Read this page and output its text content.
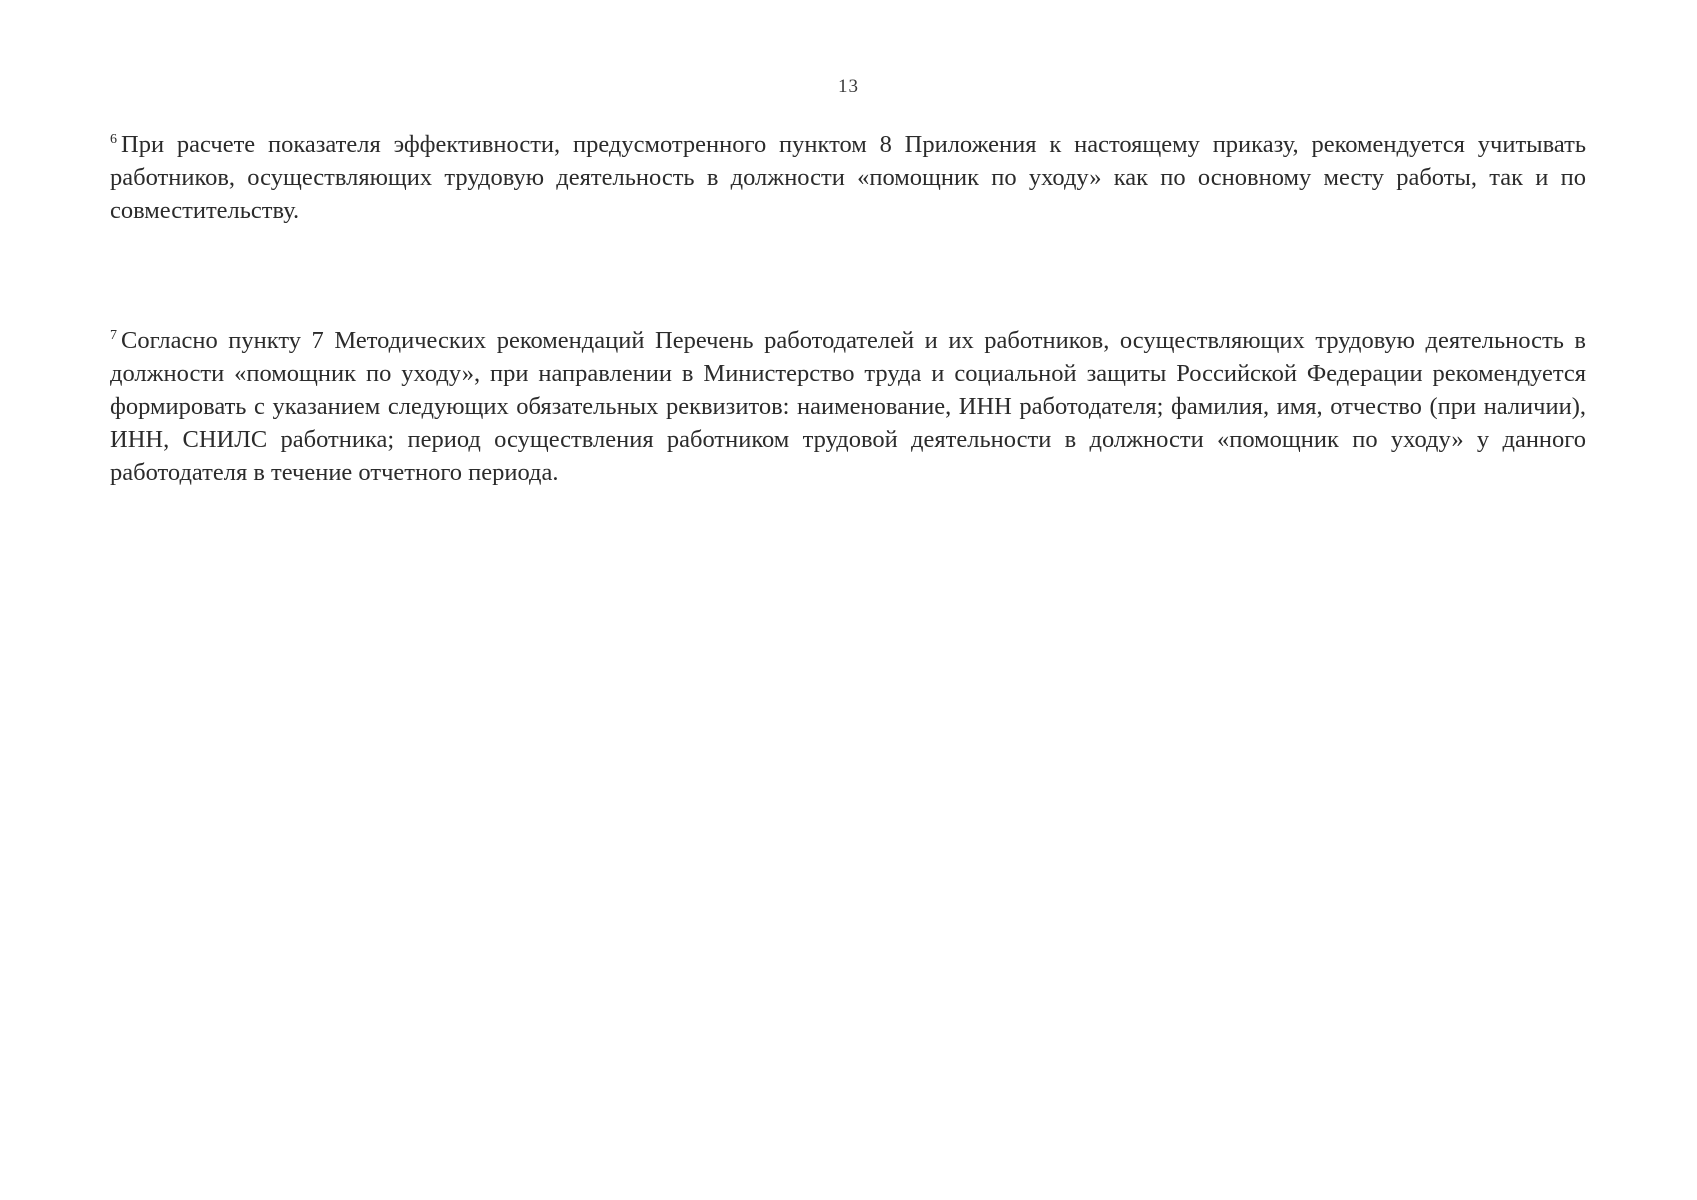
13

$^6$ При расчете показателя эффективности, предусмотренного пунктом 8 Приложения к настоящему приказу, рекомендуется учитывать работников, осуществляющих трудовую деятельность в должности «помощник по уходу» как по основному месту работы, так и по совместительству.

$^7$ Согласно пункту 7 Методических рекомендаций Перечень работодателей и их работников, осуществляющих трудовую деятельность в должности «помощник по уходу», при направлении в Министерство труда и социальной защиты Российской Федерации рекомендуется формировать с указанием следующих обязательных реквизитов: наименование, ИНН работодателя; фамилия, имя, отчество (при наличии), ИНН, СНИЛС работника; период осуществления работником трудовой деятельности в должности «помощник по уходу» у данного работодателя в течение отчетного периода.
